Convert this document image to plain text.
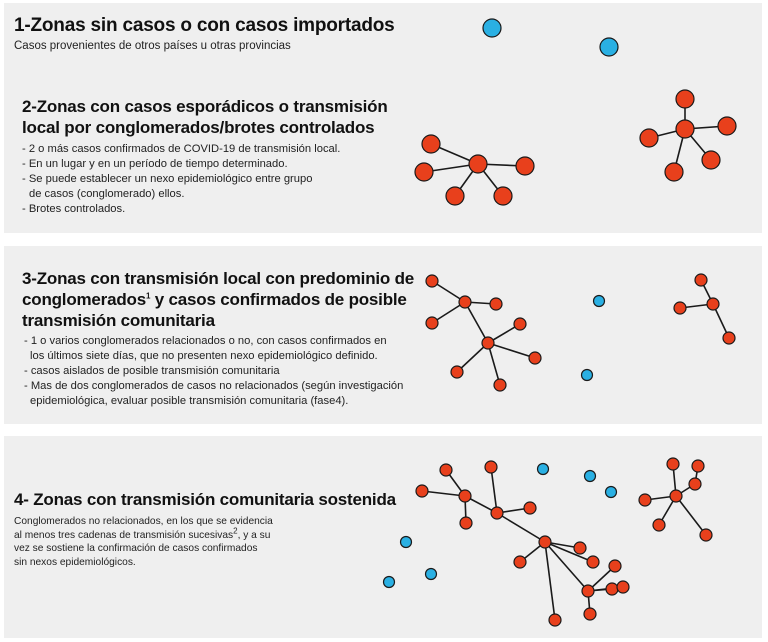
1-Zonas sin casos o con casos importados
Casos provenientes de otros países u otras provincias
2-Zonas con casos esporádicos o transmisión
local por conglomerados/brotes controlados
- 2 o más casos confirmados de COVID-19 de transmisión local.
- En un lugar y en un período de tiempo determinado.
- Se puede establecer un nexo epidemiológico entre grupo
de casos (conglomerado) ellos.
- Brotes controlados.
3-Zonas con transmisión local con predominio de
conglomerados$^1$ y casos confirmados de posible
transmisión comunitaria
- 1 o varios conglomerados relacionados o no, con casos confirmados en
los últimos siete días, que no presenten nexo epidemiológico definido.
- casos aislados de posible transmisión comunitaria
- Mas de dos conglomerados de casos no relacionados (según investigación
epidemiológica, evaluar posible transmisión comunitaria (fase4).
4- Zonas con transmisión comunitaria sostenida
Conglomerados no relacionados, en los que se evidencia
al menos tres cadenas de transmisión sucesivas$^2$, y a su
vez se sostiene la confirmación de casos confirmados
sin nexos epidemiológicos.
